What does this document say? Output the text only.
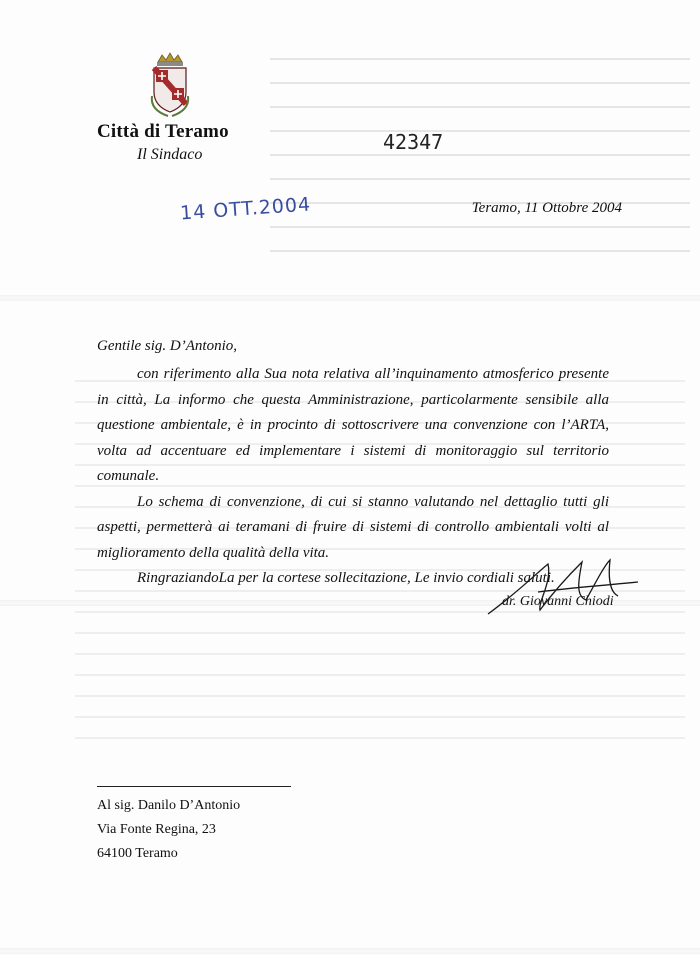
Città di Teramo
Il Sindaco
42347
14 OTT.2004	Teramo, 11 Ottobre 2004
Gentile sig. D’Antonio,

con riferimento alla Sua nota relativa all’inquinamento atmosferico presente in città, La informo che questa Amministrazione, particolarmente sensibile alla questione ambientale, è in procinto di sottoscrivere una convenzione con l’ARTA, volta ad accentuare ed implementare i sistemi di monitoraggio sul territorio comunale.

Lo schema di convenzione, di cui si stanno valutando nel dettaglio tutti gli aspetti, permetterà ai teramani di fruire di sistemi di controllo ambientali volti al miglioramento della qualità della vita.

RingraziandoLa per la cortese sollecitazione, Le invio cordiali saluti.

dr. Giovanni Chiodi
Al sig. Danilo D’Antonio
Via Fonte Regina, 23
64100 Teramo
